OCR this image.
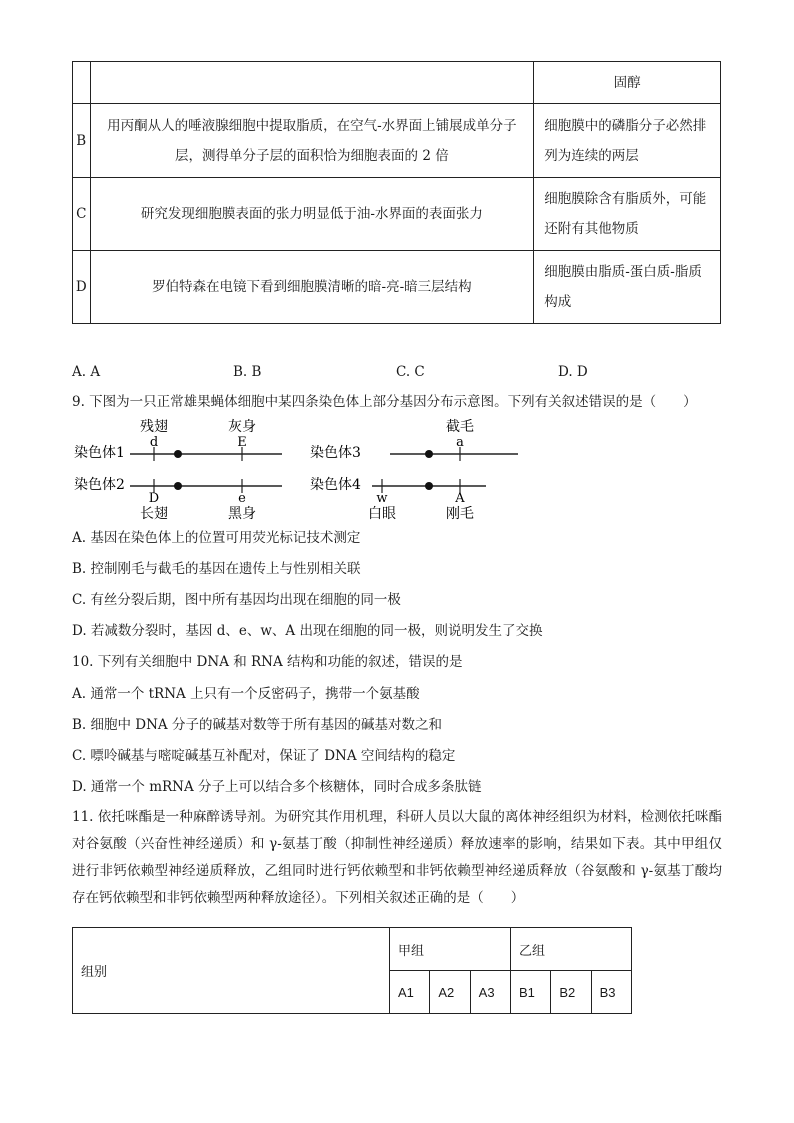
		固醇
B	用丙酮从人的唾液腺细胞中提取脂质，在空气-水界面上铺展成单分子层，测得单分子层的面积恰为细胞表面的 2 倍	细胞膜中的磷脂分子必然排列为连续的两层
C	研究发现细胞膜表面的张力明显低于油-水界面的表面张力	细胞膜除含有脂质外，可能还附有其他物质
D	罗伯特森在电镜下看到细胞膜清晰的暗-亮-暗三层结构	细胞膜由脂质-蛋白质-脂质构成
A. A	B. B	C. C	D. D
9. 下图为一只正常雄果蝇体细胞中某四条染色体上部分基因分布示意图。下列有关叙述错误的是（　　）
染色体1
残翅
d
灰身
E
染色体2
D
长翅
e
黑身
染色体3
截毛
a
染色体4
w
白眼
A
刚毛
A. 基因在染色体上的位置可用荧光标记技术测定
B. 控制刚毛与截毛的基因在遗传上与性别相关联
C. 有丝分裂后期，图中所有基因均出现在细胞的同一极
D. 若减数分裂时，基因 d、e、w、A 出现在细胞的同一极，则说明发生了交换
10. 下列有关细胞中 DNA 和 RNA 结构和功能的叙述，错误的是
A. 通常一个 tRNA 上只有一个反密码子，携带一个氨基酸
B. 细胞中 DNA 分子的碱基对数等于所有基因的碱基对数之和
C. 嘌呤碱基与嘧啶碱基互补配对，保证了 DNA 空间结构的稳定
D. 通常一个 mRNA 分子上可以结合多个核糖体，同时合成多条肽链
11. 依托咪酯是一种麻醉诱导剂。为研究其作用机理，科研人员以大鼠的离体神经组织为材料，检测依托咪酯对谷氨酸（兴奋性神经递质）和 γ-氨基丁酸（抑制性神经递质）释放速率的影响，结果如下表。其中甲组仅进行非钙依赖型神经递质释放，乙组同时进行钙依赖型和非钙依赖型神经递质释放（谷氨酸和 γ-氨基丁酸均存在钙依赖型和非钙依赖型两种释放途径）。下列相关叙述正确的是（　　）
组别	甲组			乙组		
	A1	A2	A3	B1	B2	B3
